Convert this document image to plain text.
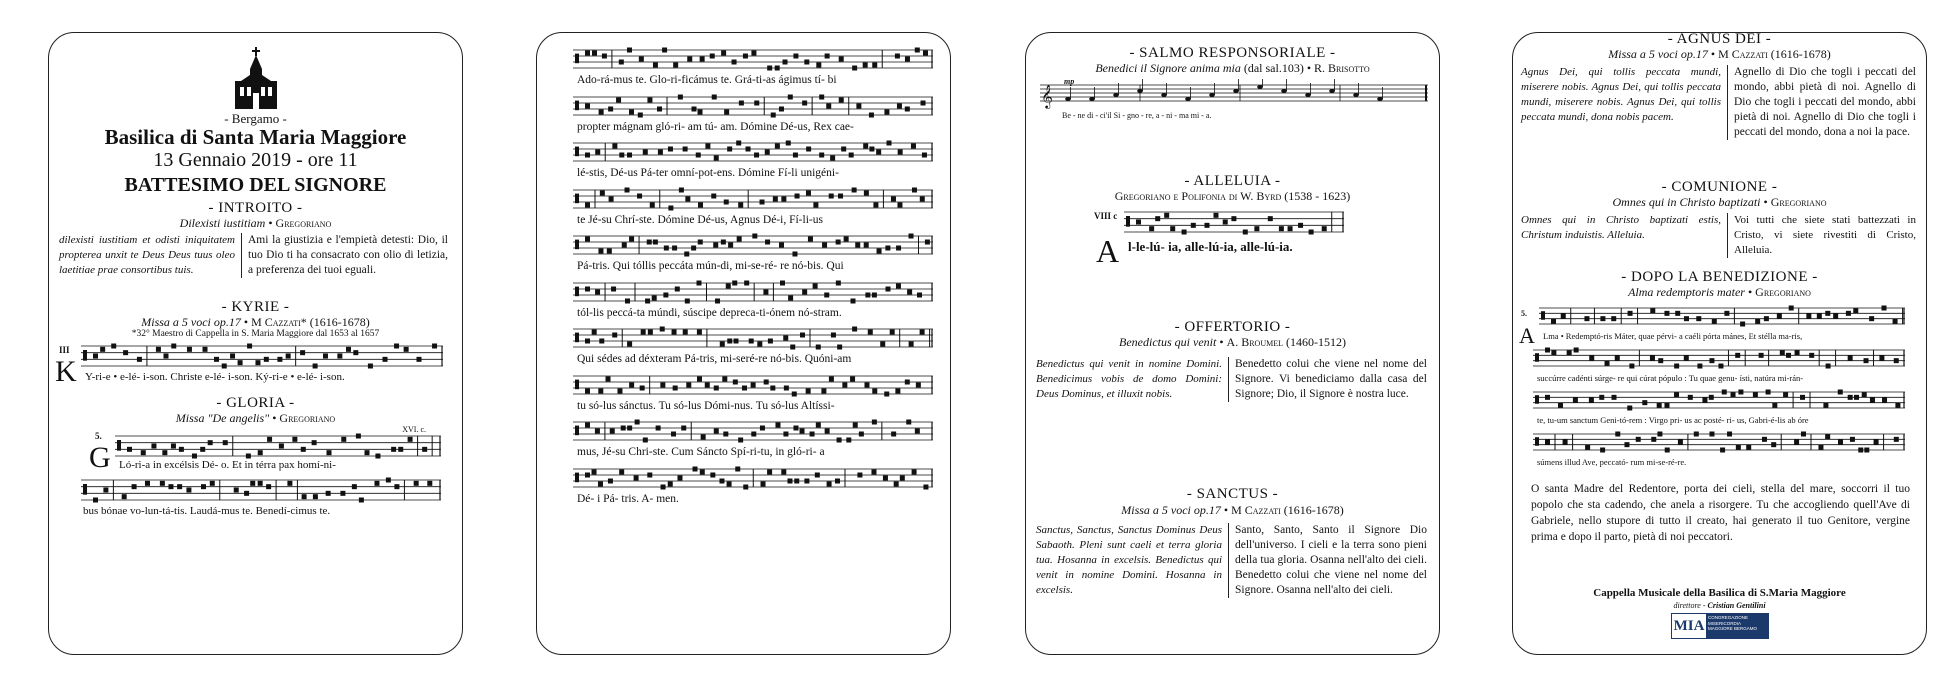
- Bergamo -
Basilica di Santa Maria Maggiore
13 Gennaio 2019 - ore 11
BATTESIMO DEL SIGNORE
- INTROITO -
Dilexisti iustitiam • Gregoriano
dilexisti iustitiam et odisti iniquitatem propterea unxit te Deus Deus tuus oleo laetitiae prae consortibus tuis.
Ami la giustizia e l'empietà detesti: Dio, il tuo Dio ti ha consacrato con olio di letizia, a preferenza dei tuoi eguali.
- KYRIE -
Missa a 5 voci op.17 • M Cazzati* (1616-1678)
*32° Maestro di Cappella in S. Maria Maggiore dal 1653 al 1657
III
K Y-ri-e • e-lé- i-son. Christe e-lé- i-son. Ký-ri-e • e-lé- i-son.
- GLORIA -
Missa "De angelis" • Gregoriano
XVI. c.
5.
G Ló-ri-a in excélsis Dé- o. Et in térra pax homí-ni-
bus bónae vo-lun-tá-tis. Laudá-mus te. Benedí-cimus te.
Ado-rá-mus te. Glo-ri-ficámus te. Grá-ti-as ágimus tí- bi
propter mágnam gló-ri- am tú- am. Dómine Dé-us, Rex cae-
lé-stis, Dé-us Pá-ter omní-pot-ens. Dómine Fí-li unigéni-
te Jé-su Chrí-ste. Dómine Dé-us, Agnus Dé-i, Fí-li-us
Pá-tris. Qui tóllis peccáta mún-di, mi-se-ré- re nó-bis. Qui
tól-lis peccá-ta múndi, súscipe depreca-ti-ónem nó-stram.
Qui sédes ad déxteram Pá-tris, mi-seré-re nó-bis. Quóni-am
tu só-lus sánctus. Tu só-lus Dómi-nus. Tu só-lus Altíssi-
mus, Jé-su Chri-ste. Cum Sáncto Spí-ri-tu, in gló-ri- a
Dé- i Pá- tris. A- men.
- SALMO RESPONSORIALE -
Benedici il Signore anima mia (dal sal.103) • R. Brisotto
mp
𝄞
Be - ne di - ci'il Si - gno - re, a - ni - ma mi - a.
- ALLELUIA -
Gregoriano e Polifonia di W. Byrd (1538 - 1623)
VIII c
A l-le-lú- ia, alle-lú-ia, alle-lú-ia.
- OFFERTORIO -
Benedictus qui venit • A. Broumel (1460-1512)
Benedictus qui venit in nomine Domini. Benedicimus vobis de domo Domini: Deus Dominus, et illuxit nobis.
Benedetto colui che viene nel nome del Signore. Vi benediciamo dalla casa del Signore; Dio, il Signore è nostra luce.
- SANCTUS -
Missa a 5 voci op.17 • M Cazzati (1616-1678)
Sanctus, Sanctus, Sanctus Dominus Deus Sabaoth. Pleni sunt caeli et terra gloria tua. Hosanna in excelsis. Benedictus qui venit in nomine Domini. Hosanna in excelsis.
Santo, Santo, Santo il Signore Dio dell'universo. I cieli e la terra sono pieni della tua gloria. Osanna nell'alto dei cieli. Benedetto colui che viene nel nome del Signore. Osanna nell'alto dei cieli.
- AGNUS DEI -
Missa a 5 voci op.17 • M Cazzati (1616-1678)
Agnus Dei, qui tollis peccata mundi, miserere nobis. Agnus Dei, qui tollis peccata mundi, miserere nobis. Agnus Dei, qui tollis peccata mundi, dona nobis pacem.
Agnello di Dio che togli i peccati del mondo, abbi pietà di noi. Agnello di Dio che togli i peccati del mondo, abbi pietà di noi. Agnello di Dio che togli i peccati del mondo, dona a noi la pace.
- COMUNIONE -
Omnes qui in Christo baptizati • Gregoriano
Omnes qui in Christo baptizati estis, Christum induistis. Alleluia.
Voi tutti che siete stati battezzati in Cristo, vi siete rivestiti di Cristo, Alleluia.
- DOPO LA BENEDIZIONE -
Alma redemptoris mater • Gregoriano
5.
A Lma • Redemptó-ris Máter, quae pérvi- a caéli pórta mánes, Et stélla ma-ris,
succúrre cadénti súrge- re qui cúrat pópulo : Tu quae genu- ísti, natúra mi-rán-
te, tu-um sanctum Geni-tó-rem : Virgo pri- us ac posté- ri- us, Gabri-é-lis ab óre
súmens illud Ave, peccató- rum mi-se-ré-re.
O santa Madre del Redentore, porta dei cieli, stella del mare, soccorri il tuo popolo che sta cadendo, che anela a risorgere. Tu che accogliendo quell'Ave di Gabriele, nello stupore di tutto il creato, hai generato il tuo Genitore, vergine prima e dopo il parto, pietà di noi peccatori.
Cappella Musicale della Basilica di S.Maria Maggiore
direttore - Cristian Gentilini
MIA
CONGREGAZIONE MISERICORDIA MAGGIORE BERGAMO
